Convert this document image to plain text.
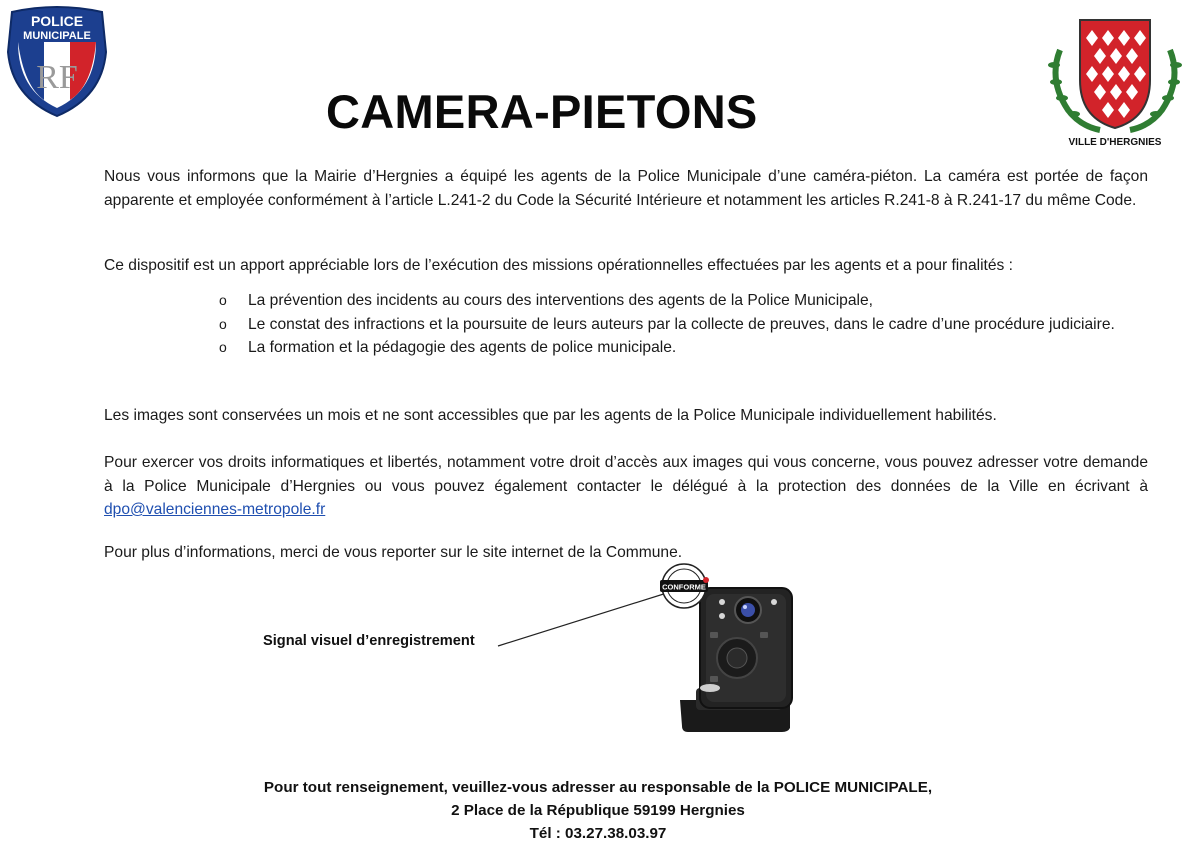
POLICE
MUNICIPALE
RF
VILLE D'HERGNIES
CAMERA-PIETONS
Nous vous informons que la Mairie d’Hergnies a équipé les agents de la Police Municipale d’une caméra-piéton. La caméra est portée de façon apparente et employée conformément à l’article L.241-2 du Code la Sécurité Intérieure et notamment les articles R.241-8 à R.241-17 du même Code.
Ce dispositif est un apport appréciable lors de l’exécution des missions opérationnelles effectuées par les agents et a pour finalités :
o La prévention des incidents au cours des interventions des agents de la Police Municipale,
o Le constat des infractions et la poursuite de leurs auteurs par la collecte de preuves, dans le cadre d’une procédure judiciaire.
o La formation et la pédagogie des agents de police municipale.
Les images sont conservées un mois et ne sont accessibles que par les agents de la Police Municipale individuellement habilités.
Pour exercer vos droits informatiques et libertés, notamment votre droit d’accès aux images qui vous concerne, vous pouvez adresser votre demande à la Police Municipale d’Hergnies ou vous pouvez également contacter le délégué à la protection des données de la Ville en écrivant à dpo@valenciennes-metropole.fr
Pour plus d’informations, merci de vous reporter sur le site internet de la Commune.
Signal visuel d’enregistrement
CONFORME
Pour tout renseignement, veuillez-vous adresser au responsable de la POLICE MUNICIPALE,
2 Place de la République 59199 Hergnies
Tél : 03.27.38.03.97
